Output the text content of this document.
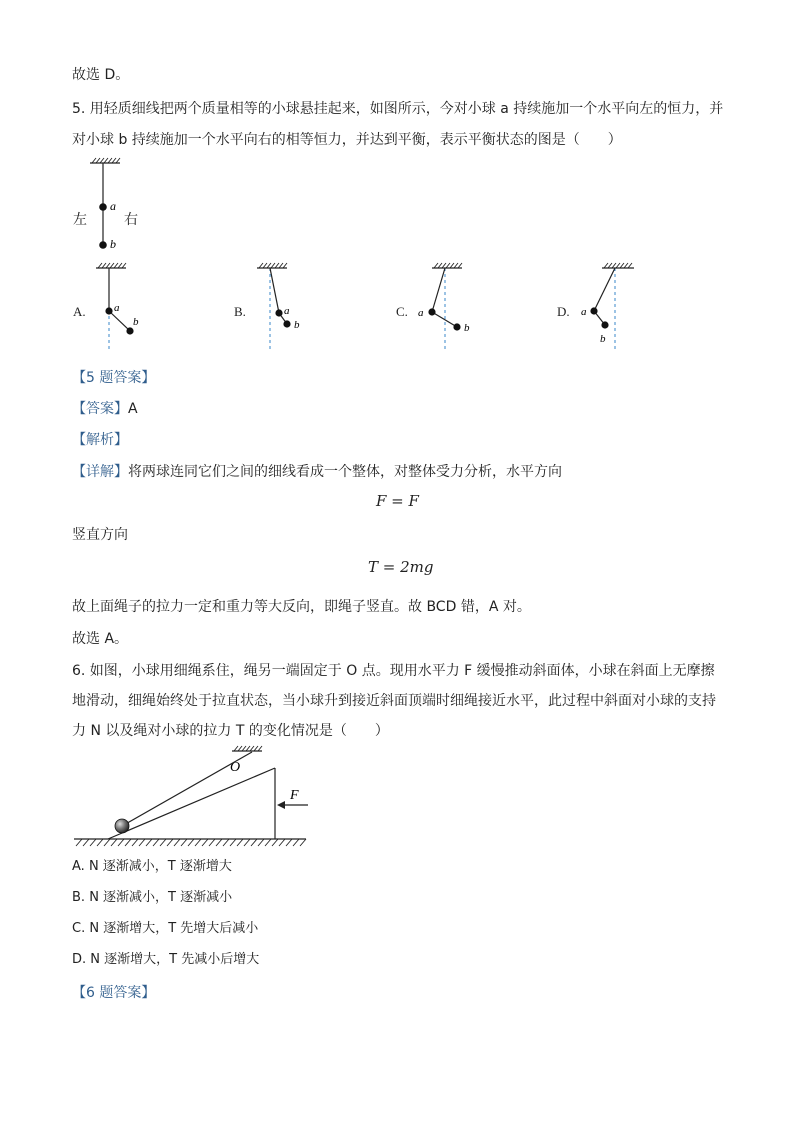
故选 D。
5. 用轻质细线把两个质量相等的小球悬挂起来，如图所示，今对小球 a 持续施加一个水平向左的恒力，并
对小球 b 持续施加一个水平向右的相等恒力，并达到平衡，表示平衡状态的图是（　　）
a
b
左	右
A.	a
b
B.	a
b
C. a
b
D. a
b
【5 题答案】
【答案】A
【解析】
【详解】将两球连同它们之间的细线看成一个整体，对整体受力分析，水平方向
F = F
竖直方向
T = 2mg
故上面绳子的拉力一定和重力等大反向，即绳子竖直。故 BCD 错，A 对。
故选 A。
6. 如图，小球用细绳系住，绳另一端固定于 O 点。现用水平力 F 缓慢推动斜面体，小球在斜面上无摩擦
地滑动，细绳始终处于拉直状态，当小球升到接近斜面顶端时细绳接近水平，此过程中斜面对小球的支持
力 N 以及绳对小球的拉力 T 的变化情况是（　　）
O
F
A. N 逐渐减小，T 逐渐增大
B. N 逐渐减小，T 逐渐减小
C. N 逐渐增大，T 先增大后减小
D. N 逐渐增大，T 先减小后增大
【6 题答案】
